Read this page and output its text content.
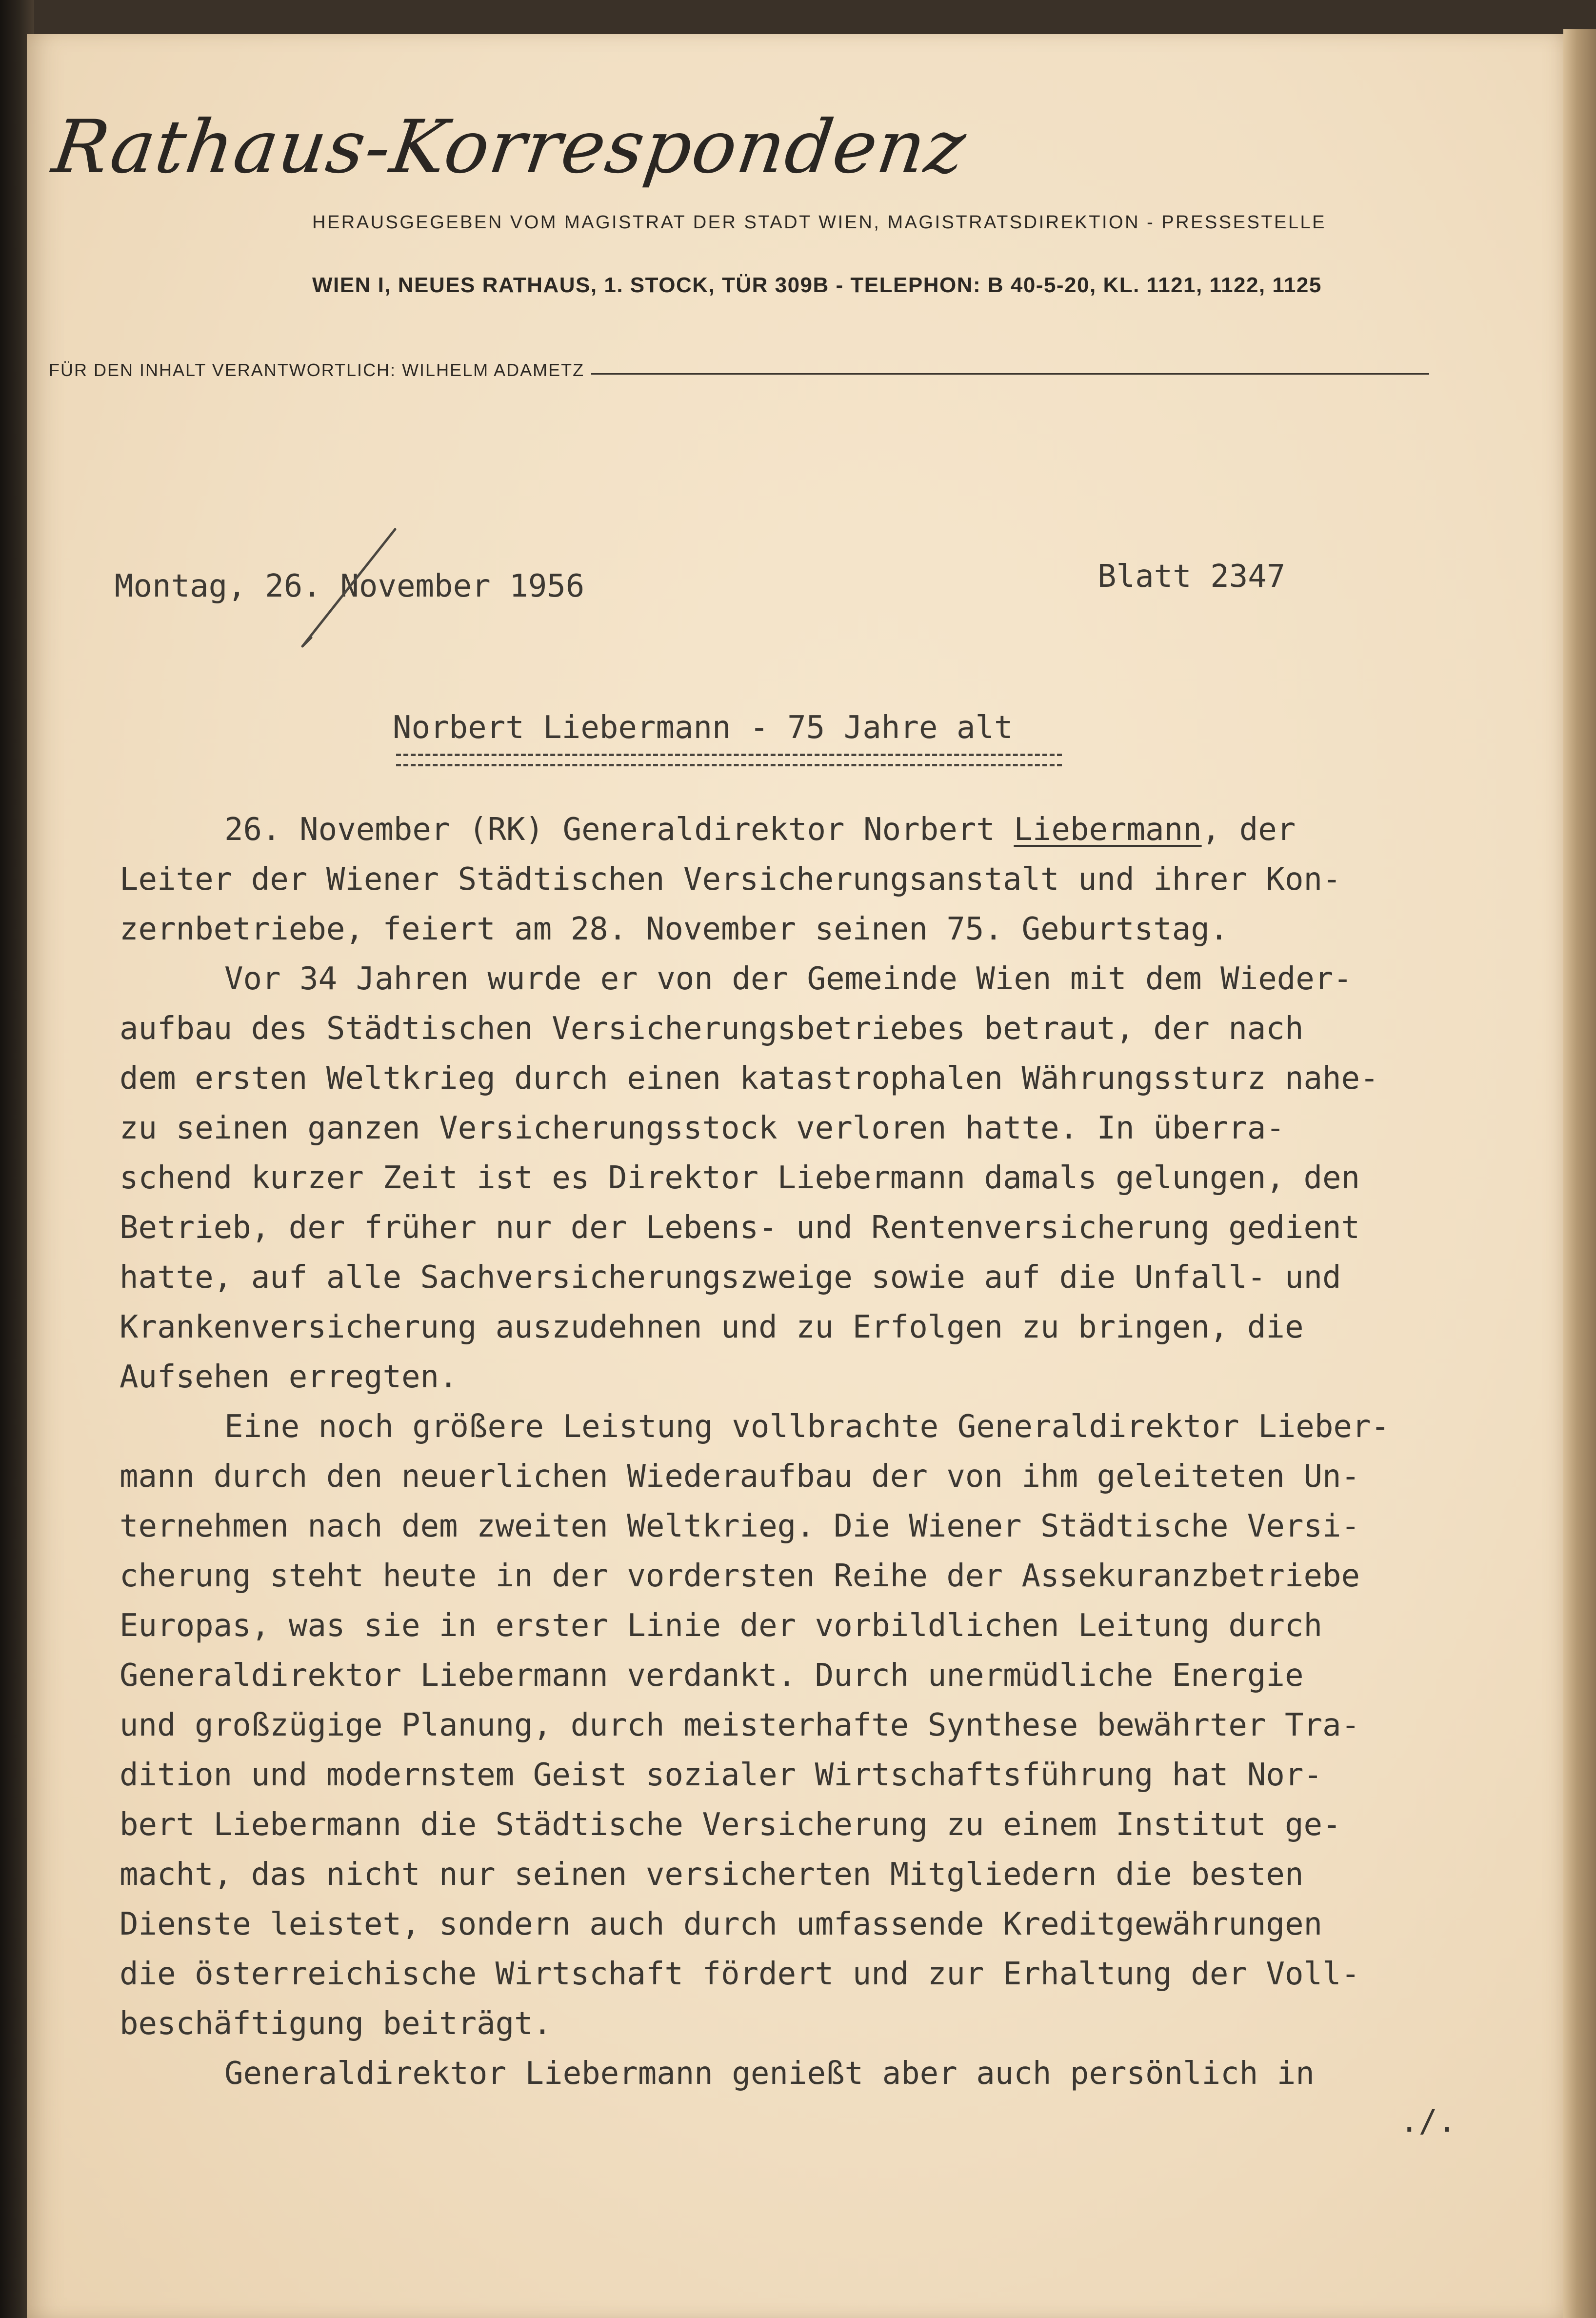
Rathaus-Korrespondenz
HERAUSGEGEBEN VOM MAGISTRAT DER STADT WIEN, MAGISTRATSDIREKTION - PRESSESTELLE
WIEN I, NEUES RATHAUS, 1. STOCK, TÜR 309B - TELEPHON: B 40-5-20, KL. 1121, 1122, 1125
FÜR DEN INHALT VERANTWORTLICH: WILHELM ADAMETZ
Montag, 26. November 1956	Blatt 2347
Norbert Liebermann - 75 Jahre alt
26. November (RK) Generaldirektor Norbert Liebermann, der
Leiter der Wiener Städtischen Versicherungsanstalt und ihrer Kon-
zernbetriebe, feiert am 28. November seinen 75. Geburtstag.
Vor 34 Jahren wurde er von der Gemeinde Wien mit dem Wieder-
aufbau des Städtischen Versicherungsbetriebes betraut, der nach
dem ersten Weltkrieg durch einen katastrophalen Währungssturz nahe-
zu seinen ganzen Versicherungsstock verloren hatte. In überra-
schend kurzer Zeit ist es Direktor Liebermann damals gelungen, den
Betrieb, der früher nur der Lebens- und Rentenversicherung gedient
hatte, auf alle Sachversicherungszweige sowie auf die Unfall- und
Krankenversicherung auszudehnen und zu Erfolgen zu bringen, die
Aufsehen erregten.
Eine noch größere Leistung vollbrachte Generaldirektor Lieber-
mann durch den neuerlichen Wiederaufbau der von ihm geleiteten Un-
ternehmen nach dem zweiten Weltkrieg. Die Wiener Städtische Versi-
cherung steht heute in der vordersten Reihe der Assekuranzbetriebe
Europas, was sie in erster Linie der vorbildlichen Leitung durch
Generaldirektor Liebermann verdankt. Durch unermüdliche Energie
und großzügige Planung, durch meisterhafte Synthese bewährter Tra-
dition und modernstem Geist sozialer Wirtschaftsführung hat Nor-
bert Liebermann die Städtische Versicherung zu einem Institut ge-
macht, das nicht nur seinen versicherten Mitgliedern die besten
Dienste leistet, sondern auch durch umfassende Kreditgewährungen
die österreichische Wirtschaft fördert und zur Erhaltung der Voll-
beschäftigung beiträgt.
Generaldirektor Liebermann genießt aber auch persönlich in
./.
